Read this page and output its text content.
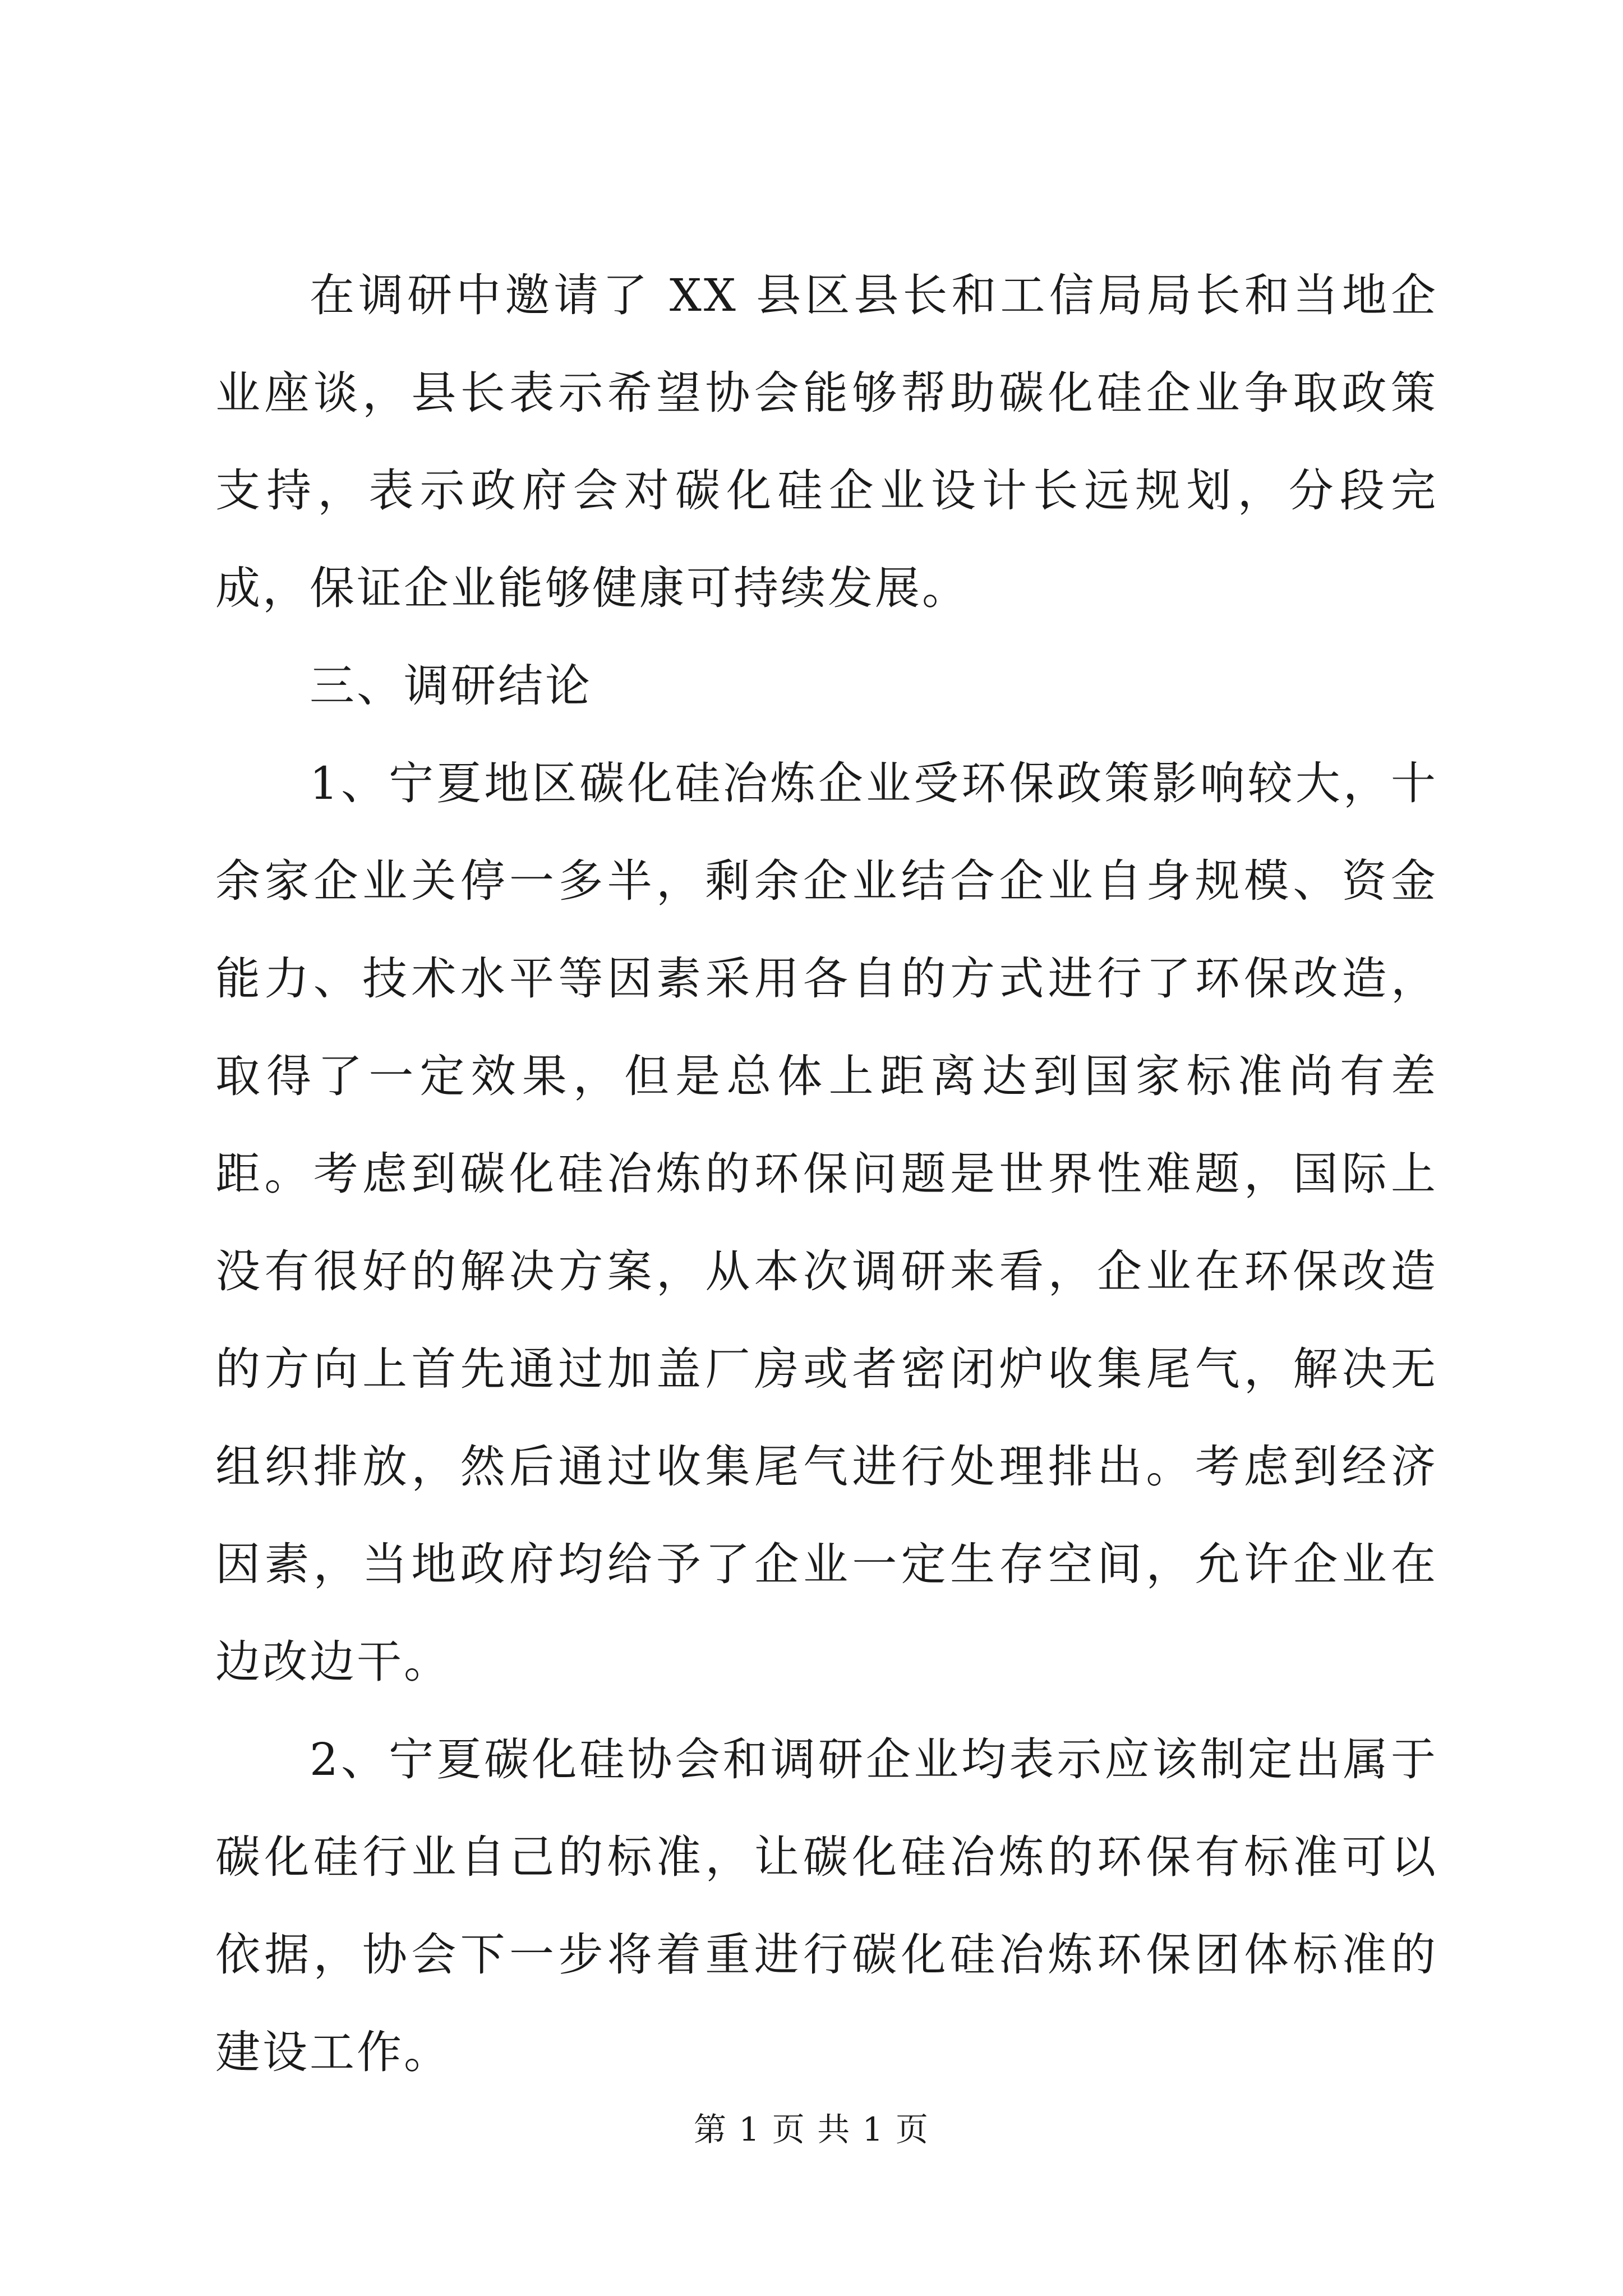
在调研中邀请了 XX 县区县长和工信局局长和当地企业座谈，县长表示希望协会能够帮助碳化硅企业争取政策支持，表示政府会对碳化硅企业设计长远规划，分段完成，保证企业能够健康可持续发展。

三、调研结论

1、宁夏地区碳化硅冶炼企业受环保政策影响较大，十余家企业关停一多半，剩余企业结合企业自身规模、资金能力、技术水平等因素采用各自的方式进行了环保改造，取得了一定效果，但是总体上距离达到国家标准尚有差距。考虑到碳化硅冶炼的环保问题是世界性难题，国际上没有很好的解决方案，从本次调研来看，企业在环保改造的方向上首先通过加盖厂房或者密闭炉收集尾气，解决无组织排放，然后通过收集尾气进行处理排出。考虑到经济因素，当地政府均给予了企业一定生存空间，允许企业在边改边干。

2、宁夏碳化硅协会和调研企业均表示应该制定出属于碳化硅行业自己的标准，让碳化硅冶炼的环保有标准可以依据，协会下一步将着重进行碳化硅冶炼环保团体标准的建设工作。

第 1 页 共 1 页
